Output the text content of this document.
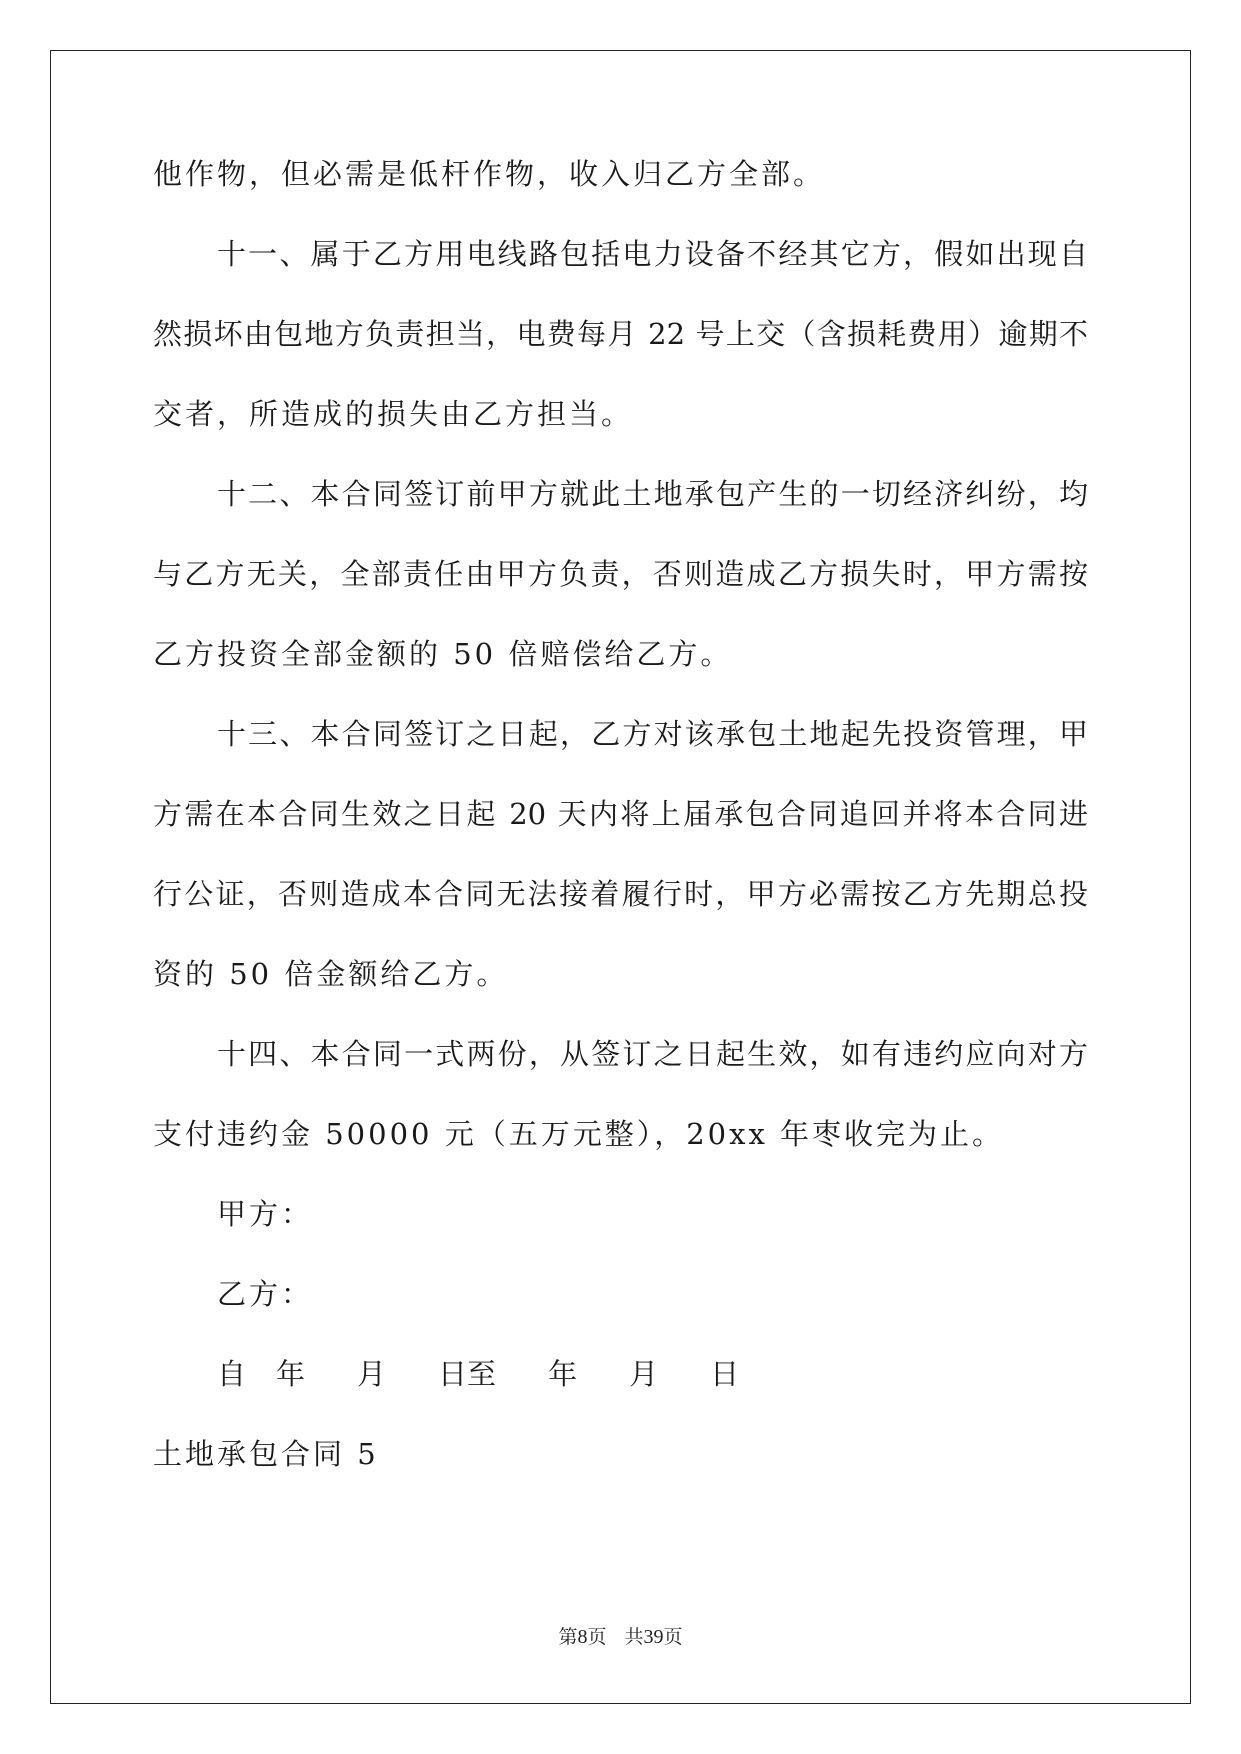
他作物，但必需是低杆作物，收入归乙方全部。
十一、属于乙方用电线路包括电力设备不经其它方，假如出现自
然损坏由包地方负责担当，电费每月 22 号上交（含损耗费用）逾期不
交者，所造成的损失由乙方担当。
十二、本合同签订前甲方就此土地承包产生的一切经济纠纷，均
与乙方无关，全部责任由甲方负责，否则造成乙方损失时，甲方需按
乙方投资全部金额的 50 倍赔偿给乙方。
十三、本合同签订之日起，乙方对该承包土地起先投资管理，甲
方需在本合同生效之日起 20 天内将上届承包合同追回并将本合同进
行公证，否则造成本合同无法接着履行时，甲方必需按乙方先期总投
资的 50 倍金额给乙方。
十四、本合同一式两份，从签订之日起生效，如有违约应向对方
支付违约金 50000 元（五万元整），20xx 年枣收完为止。
甲方：
乙方：
自 年 月 日至 年 月 日
土地承包合同 5
第8页 共39页
